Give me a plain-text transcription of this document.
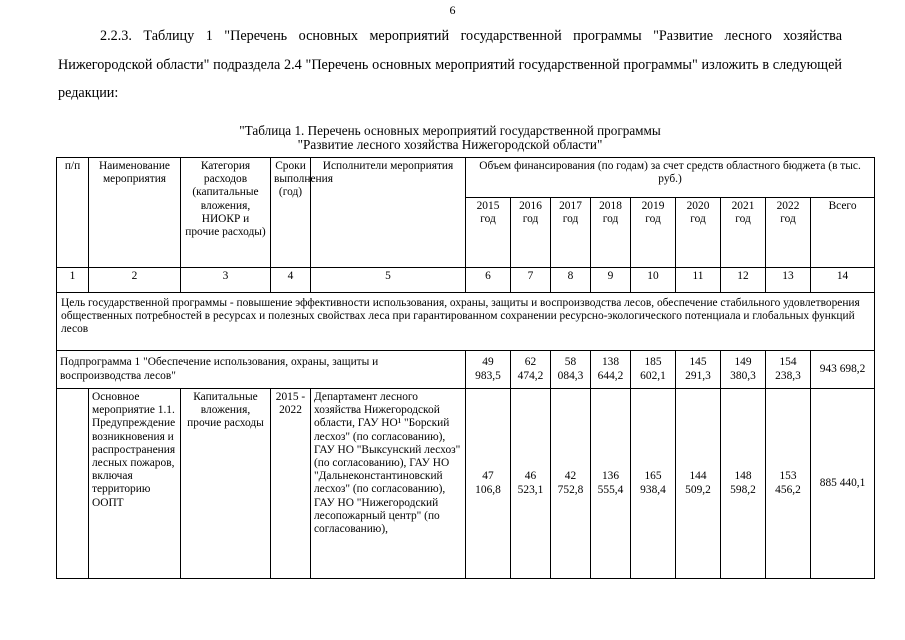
6
2.2.3. Таблицу 1 "Перечень основных мероприятий государственной программы "Развитие лесного хозяйства Нижегородской области" подраздела 2.4 "Перечень основных мероприятий государственной программы" изложить в следующей редакции:
"Таблица 1. Перечень основных мероприятий государственной программы
"Развитие лесного хозяйства Нижегородской области"
п/п	Наименование мероприятия	Категория расходов (капитальные вложения, НИОКР и прочие расходы)	Сроки выполнения (год)	Исполнители мероприятия	Объем финансирования (по годам) за счет средств областного бюджета (в тыс. руб.)								
					2015 год	2016 год	2017 год	2018 год	2019 год	2020 год	2021 год	2022 год	Всего
1	2	3	4	5	6	7	8	9	10	11	12	13	14
Цель государственной программы - повышение эффективности использования, охраны, защиты и воспроизводства лесов, обеспечение стабильного удовлетворения общественных потребностей в ресурсах и полезных свойствах леса при гарантированном сохранении ресурсно-экологического потенциала и глобальных функций лесов													
Подпрограмма 1 "Обеспечение использования, охраны, защиты и воспроизводства лесов"					49 983,5	62 474,2	58 084,3	138 644,2	185 602,1	145 291,3	149 380,3	154 238,3	943 698,2
	Основное мероприятие 1.1. Предупреждение возникновения и распространения лесных пожаров, включая территорию ООПТ	Капитальные вложения, прочие расходы	2015 - 2022	Департамент лесного хозяйства Нижегородской области, ГАУ НО¹ "Борский лесхоз" (по согласованию), ГАУ НО "Выксунский лесхоз" (по согласованию), ГАУ НО "Дальнеконстантиновский лесхоз" (по согласованию), ГАУ НО "Нижегородский лесопожарный центр" (по согласованию),	47 106,8	46 523,1	42 752,8	136 555,4	165 938,4	144 509,2	148 598,2	153 456,2	885 440,1
